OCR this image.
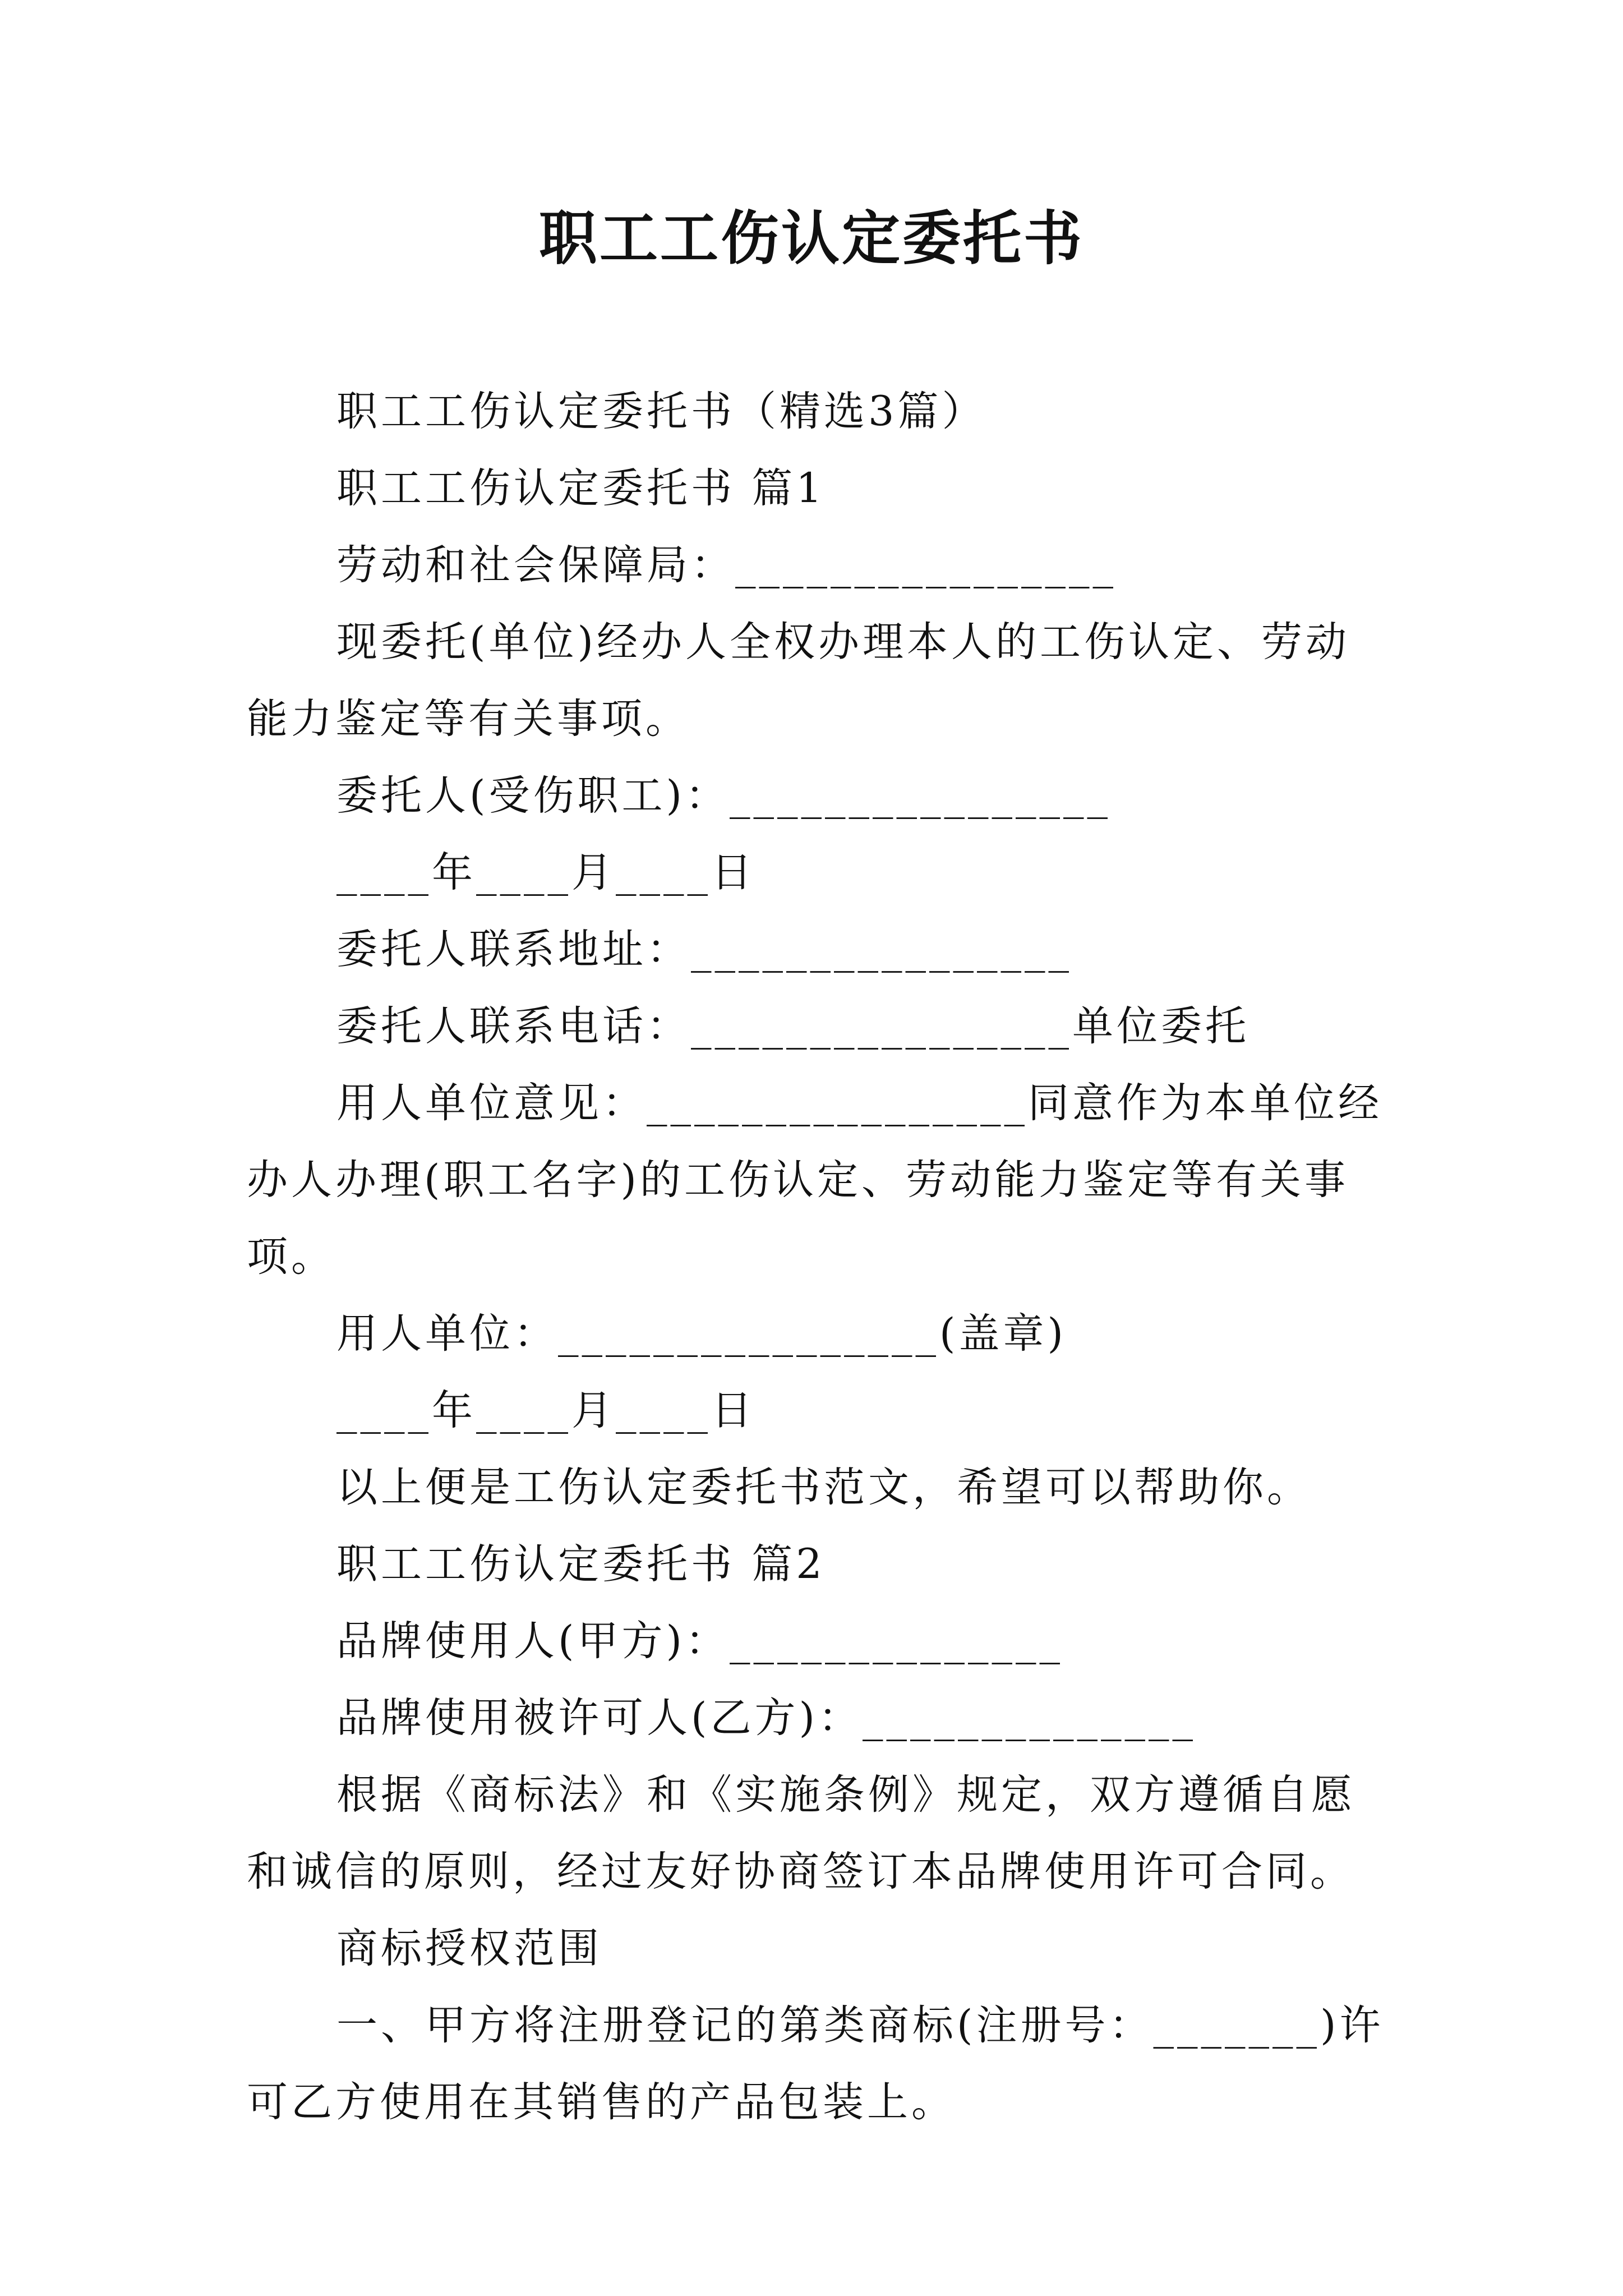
职工工伤认定委托书

职工工伤认定委托书（精选3篇）

职工工伤认定委托书 篇1

劳动和社会保障局：________________

现委托(单位)经办人全权办理本人的工伤认定、劳动能力鉴定等有关事项。

委托人(受伤职工)：________________

____年____月____日

委托人联系地址：________________

委托人联系电话：________________单位委托

用人单位意见：________________同意作为本单位经办人办理(职工名字)的工伤认定、劳动能力鉴定等有关事项。

用人单位：________________(盖章)

____年____月____日

以上便是工伤认定委托书范文，希望可以帮助你。

职工工伤认定委托书 篇2

品牌使用人(甲方)：______________

品牌使用被许可人(乙方)：______________

根据《商标法》和《实施条例》规定，双方遵循自愿和诚信的原则，经过友好协商签订本品牌使用许可合同。

商标授权范围

一、甲方将注册登记的第类商标(注册号：_______)许可乙方使用在其销售的产品包装上。
